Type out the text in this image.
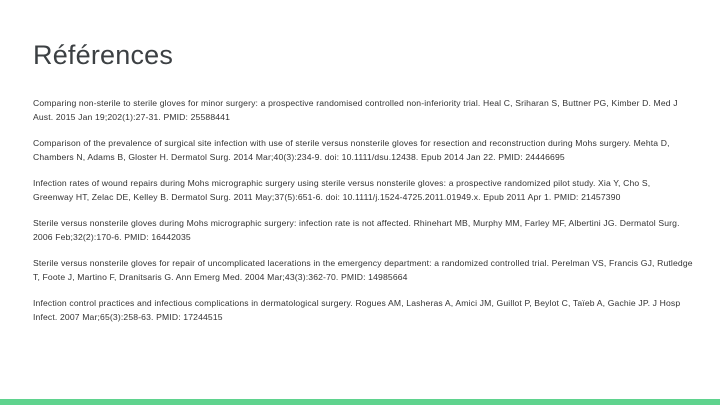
Références
Comparing non-sterile to sterile gloves for minor surgery: a prospective randomised controlled non-inferiority trial. Heal C, Sriharan S, Buttner PG, Kimber D. Med J Aust. 2015 Jan 19;202(1):27-31. PMID: 25588441
Comparison of the prevalence of surgical site infection with use of sterile versus nonsterile gloves for resection and reconstruction during Mohs surgery. Mehta D, Chambers N, Adams B, Gloster H. Dermatol Surg. 2014 Mar;40(3):234-9. doi: 10.1111/dsu.12438. Epub 2014 Jan 22. PMID: 24446695
Infection rates of wound repairs during Mohs micrographic surgery using sterile versus nonsterile gloves: a prospective randomized pilot study. Xia Y, Cho S, Greenway HT, Zelac DE, Kelley B. Dermatol Surg. 2011 May;37(5):651-6. doi: 10.1111/j.1524-4725.2011.01949.x. Epub 2011 Apr 1. PMID: 21457390
Sterile versus nonsterile gloves during Mohs micrographic surgery: infection rate is not affected. Rhinehart MB, Murphy MM, Farley MF, Albertini JG. Dermatol Surg. 2006 Feb;32(2):170-6. PMID: 16442035
Sterile versus nonsterile gloves for repair of uncomplicated lacerations in the emergency department: a randomized controlled trial. Perelman VS, Francis GJ, Rutledge T, Foote J, Martino F, Dranitsaris G. Ann Emerg Med. 2004 Mar;43(3):362-70. PMID: 14985664
Infection control practices and infectious complications in dermatological surgery. Rogues AM, Lasheras A, Amici JM, Guillot P, Beylot C, Taïeb A, Gachie JP. J Hosp Infect. 2007 Mar;65(3):258-63. PMID: 17244515
